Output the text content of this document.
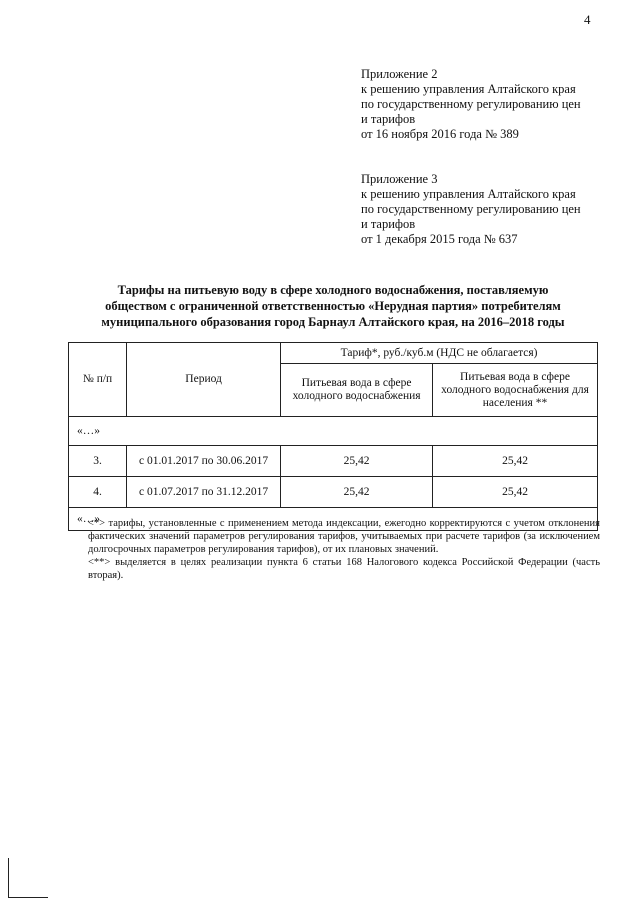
4
Приложение 2
к решению управления Алтайского края
по государственному регулированию цен
и тарифов
от 16 ноября 2016 года № 389
Приложение 3
к решению управления Алтайского края
по государственному регулированию цен
и тарифов
от 1 декабря 2015 года № 637
Тарифы на питьевую воду в сфере холодного водоснабжения, поставляемую
обществом с ограниченной ответственностью «Нерудная партия» потребителям
муниципального образования город Барнаул Алтайского края, на 2016–2018 годы
№ п/п	Период	Тариф*, руб./куб.м (НДС не облагается)	
		Питьевая вода в сфере холодного водоснабжения	Питьевая вода в сфере холодного водоснабжения для населения **
«…»			
3.	с 01.01.2017 по 30.06.2017	25,42	25,42
4.	с 01.07.2017 по 31.12.2017	25,42	25,42
«…»			

<*> тарифы, установленные с применением метода индексации, ежегодно корректируются с учетом отклонения фактических значений параметров регулирования тарифов, учитываемых при расчете тарифов (за исключением долгосрочных параметров регулирования тарифов), от их плановых значений.

<**> выделяется в целях реализации пункта 6 статьи 168 Налогового кодекса Российской Федерации (часть вторая).
